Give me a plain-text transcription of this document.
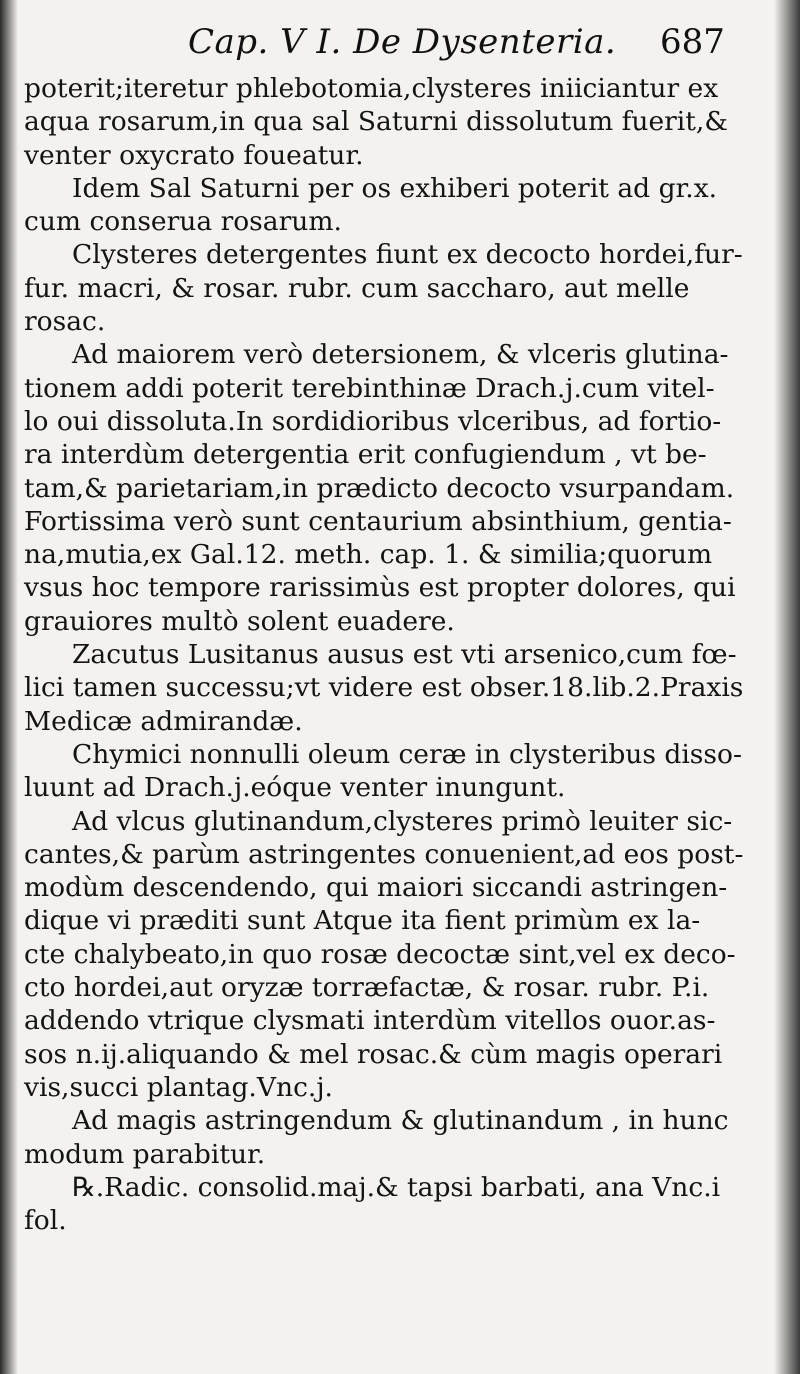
Cap. V I. De Dysenteria. 687
poterit;iteretur phlebotomia,clysteres iniiciantur ex
aqua rosarum,in qua sal Saturni dissolutum fuerit,&
venter oxycrato foueatur.
Idem Sal Saturni per os exhiberi poterit ad gr.x.
cum conserua rosarum.
Clysteres detergentes fiunt ex decocto hordei,fur-
fur. macri, & rosar. rubr. cum saccharo, aut melle
rosac.
Ad maiorem verò detersionem, & vlceris glutina-
tionem addi poterit terebinthinæ Drach.j.cum vitel-
lo oui dissoluta.In sordidioribus vlceribus, ad fortio-
ra interdùm detergentia erit confugiendum , vt be-
tam,& parietariam,in prædicto decocto vsurpandam.
Fortissima verò sunt centaurium absinthium, gentia-
na,mutia,ex Gal.12. meth. cap. 1. & similia;quorum
vsus hoc tempore rarissimùs est propter dolores, qui
grauiores multò solent euadere.
Zacutus Lusitanus ausus est vti arsenico,cum fœ-
lici tamen successu;vt videre est obser.18.lib.2.Praxis
Medicæ admirandæ.
Chymici nonnulli oleum ceræ in clysteribus disso-
luunt ad Drach.j.eóque venter inungunt.
Ad vlcus glutinandum,clysteres primò leuiter sic-
cantes,& parùm astringentes conuenient,ad eos post-
modùm descendendo, qui maiori siccandi astringen-
dique vi præditi sunt Atque ita fient primùm ex la-
cte chalybeato,in quo rosæ decoctæ sint,vel ex deco-
cto hordei,aut oryzæ torræfactæ, & rosar. rubr. P.i.
addendo vtrique clysmati interdùm vitellos ouor.as-
sos n.ij.aliquando & mel rosac.& cùm magis operari
vis,succi plantag.Vnc.j.
Ad magis astringendum & glutinandum , in hunc
modum parabitur.
℞.Radic. consolid.maj.& tapsi barbati, ana Vnc.i
fol.
